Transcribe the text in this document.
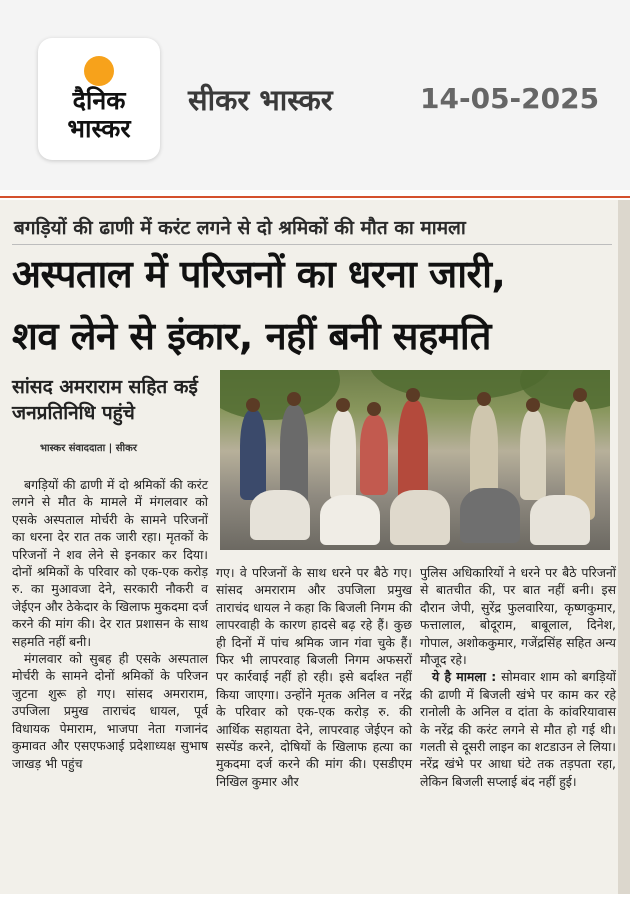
दैनिक
भास्कर
सीकर भास्कर	14-05-2025
बगड़ियों की ढाणी में करंट लगने से दो श्रमिकों की मौत का मामला
अस्पताल में परिजनों का धरना जारी,
शव लेने से इंकार, नहीं बनी सहमति
सांसद अमराराम सहित कई जनप्रतिनिधि पहुंचे
भास्कर संवाददाता | सीकर
बगड़ियों की ढाणी में दो श्रमिकों की करंट लगने से मौत के मामले में मंगलवार को एसके अस्पताल मोर्चरी के सामने परिजनों का धरना देर रात तक जारी रहा। मृतकों के परिजनों ने शव लेने से इनकार कर दिया। दोनों श्रमिकों के परिवार को एक-एक करोड़ रु. का मुआवजा देने, सरकारी नौकरी व जेईएन और ठेकेदार के खिलाफ मुकदमा दर्ज करने की मांग की। देर रात प्रशासन के साथ सहमति नहीं बनी।
मंगलवार को सुबह ही एसके अस्पताल मोर्चरी के सामने दोनों श्रमिकों के परिजन जुटना शुरू हो गए। सांसद अमराराम, उपजिला प्रमुख ताराचंद धायल, पूर्व विधायक पेमाराम, भाजपा नेता गजानंद कुमावत और एसएफआई प्रदेशाध्यक्ष सुभाष जाखड़ भी पहुंच
गए। वे परिजनों के साथ धरने पर बैठे गए। सांसद अमराराम और उपजिला प्रमुख ताराचंद धायल ने कहा कि बिजली निगम की लापरवाही के कारण हादसे बढ़ रहे हैं। कुछ ही दिनों में पांच श्रमिक जान गंवा चुके हैं। फिर भी लापरवाह बिजली निगम अफसरों पर कार्रवाई नहीं हो रही। इसे बर्दाश्त नहीं किया जाएगा। उन्होंने मृतक अनिल व नरेंद्र के परिवार को एक-एक करोड़ रु. की आर्थिक सहायता देने, लापरवाह जेईएन को सस्पेंड करने, दोषियों के खिलाफ हत्या का मुकदमा दर्ज करने की मांग की। एसडीएम निखिल कुमार और
पुलिस अधिकारियों ने धरने पर बैठे परिजनों से बातचीत की, पर बात नहीं बनी। इस दौरान जेपी, सुरेंद्र फुलवारिया, कृष्णकुमार, फत्तालाल, बोदूराम, बाबूलाल, दिनेश, गोपाल, अशोककुमार, गजेंद्रसिंह सहित अन्य मौजूद रहे।
ये है मामला : सोमवार शाम को बगड़ियों की ढाणी में बिजली खंभे पर काम कर रहे रानोली के अनिल व दांता के कांवरियावास के नरेंद्र की करंट लगने से मौत हो गई थी। गलती से दूसरी लाइन का शटडाउन ले लिया। नरेंद्र खंभे पर आधा घंटे तक तड़पता रहा, लेकिन बिजली सप्लाई बंद नहीं हुई।
